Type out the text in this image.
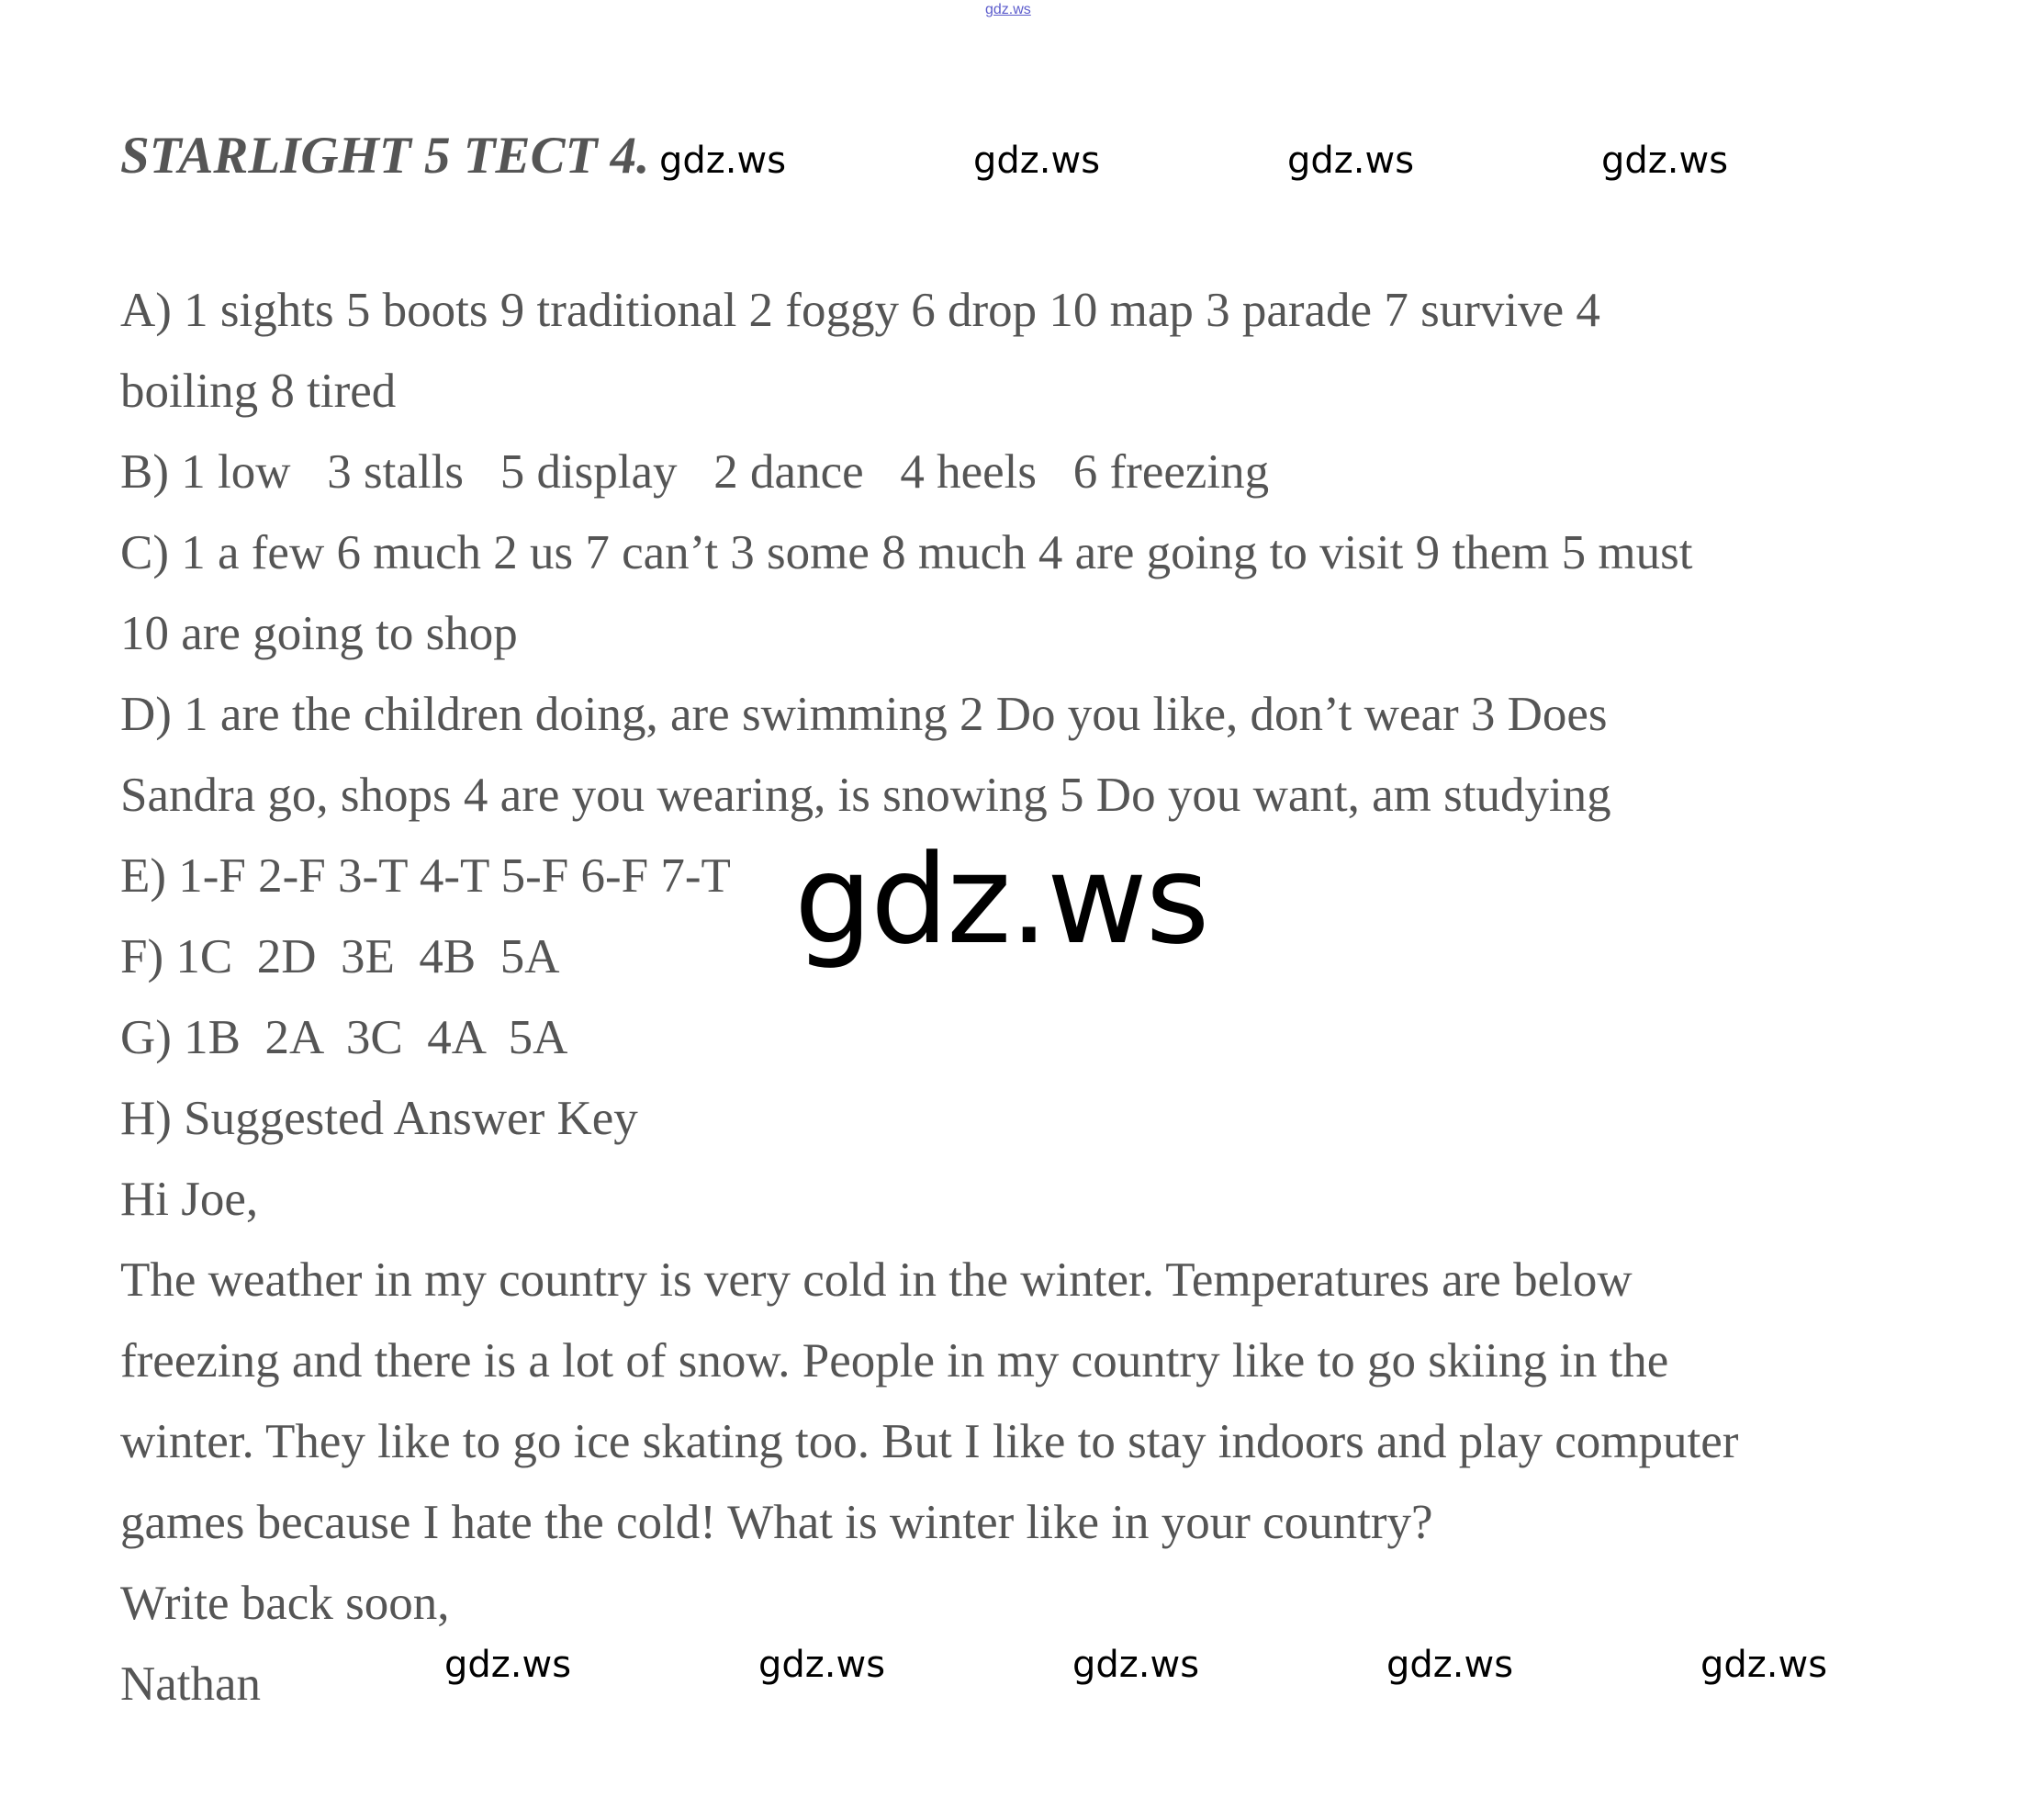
gdz.ws
STARLIGHT 5 TECT 4. gdz.ws	gdz.ws	gdz.ws	gdz.ws
A) 1 sights 5 boots 9 traditional 2 foggy 6 drop 10 map 3 parade 7 survive 4
boiling 8 tired
B) 1 low   3 stalls   5 display   2 dance   4 heels   6 freezing
C) 1 a few 6 much 2 us 7 can’t 3 some 8 much 4 are going to visit 9 them 5 must
10 are going to shop
D) 1 are the children doing, are swimming 2 Do you like, don’t wear 3 Does
Sandra go, shops 4 are you wearing, is snowing 5 Do you want, am studying
E) 1-F 2-F 3-T 4-T 5-F 6-F 7-T
F) 1C  2D  3E  4B  5A
G) 1B  2A  3C  4A  5A
H) Suggested Answer Key
Hi Joe,
The weather in my country is very cold in the winter. Temperatures are below
freezing and there is a lot of snow. People in my country like to go skiing in the
winter. They like to go ice skating too. But I like to stay indoors and play computer
games because I hate the cold! What is winter like in your country?
Write back soon,
Nathan
gdz.ws
gdz.ws	gdz.ws	gdz.ws	gdz.ws	gdz.ws
